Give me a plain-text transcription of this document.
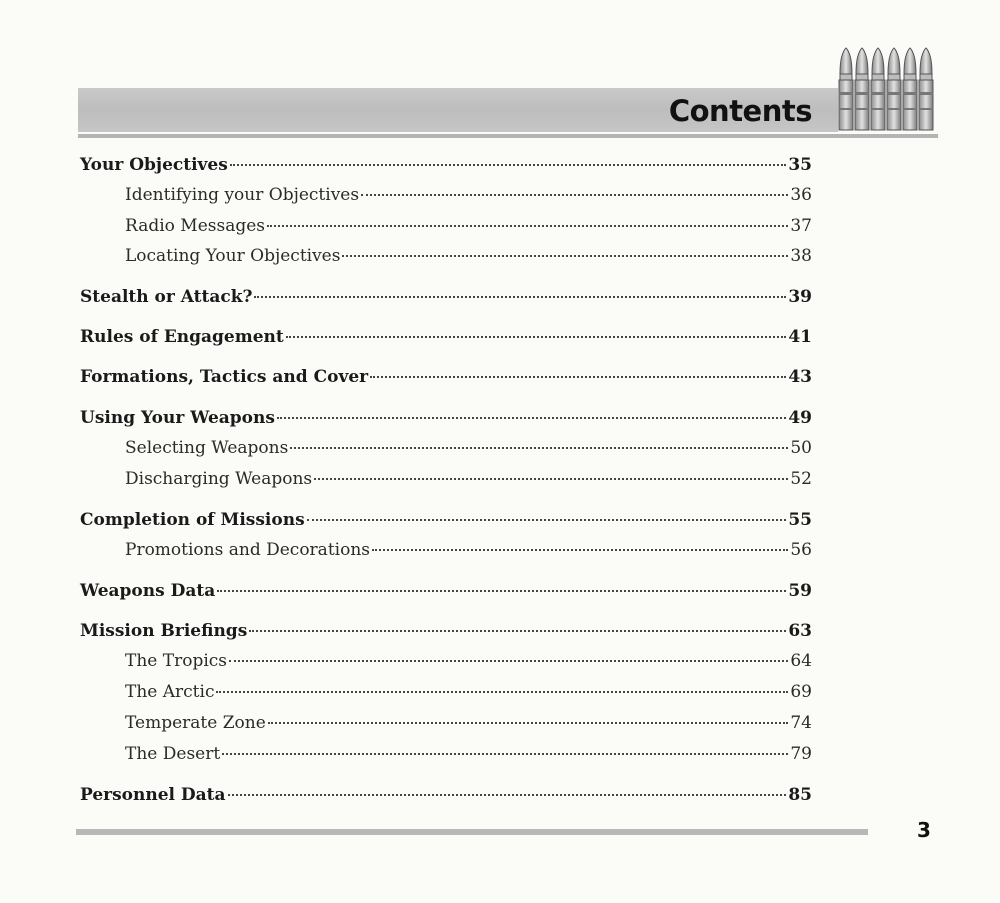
Contents
Your Objectives	35
Identifying your Objectives	36
Radio Messages	37
Locating Your Objectives	38
Stealth or Attack?	39
Rules of Engagement	41
Formations, Tactics and Cover	43
Using Your Weapons	49
Selecting Weapons	50
Discharging Weapons	52
Completion of Missions	55
Promotions and Decorations	56
Weapons Data	59
Mission Briefings	63
The Tropics	64
The Arctic	69
Temperate Zone	74
The Desert	79
Personnel Data	85
3
